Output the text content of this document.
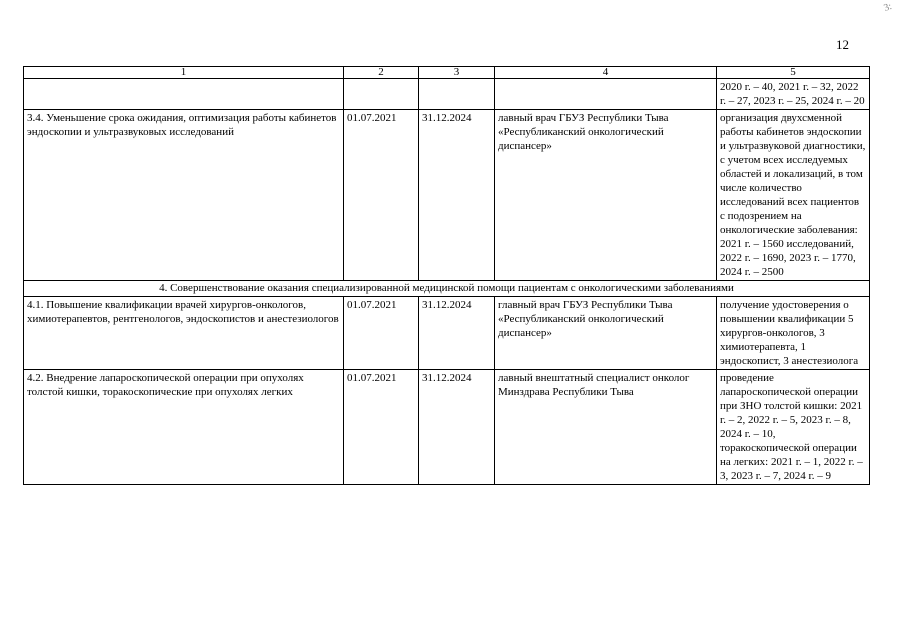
3:
12
1	2	3	4	5
				2020 г. – 40, 2021 г. – 32, 2022 г. – 27, 2023 г. – 25, 2024 г. – 20
3.4. Уменьшение срока ожидания, оптимизация работы кабинетов эндоскопии и ультразвуковых исследований	01.07.2021	31.12.2024	лавный врач ГБУЗ Республики Тыва «Республиканский онкологический диспансер»	организация двухсменной работы кабинетов эндоскопии и ультразвуковой диагностики, с учетом всех исследуемых областей и локализаций, в том числе количество исследований всех пациентов с подозрением на онкологические заболевания: 2021 г. – 1560 исследований, 2022 г. – 1690, 2023 г. – 1770, 2024 г. – 2500
4. Совершенствование оказания специализированной медицинской помощи пациентам с онкологическими заболеваниями				
4.1. Повышение квалификации врачей хирургов-онкологов, химиотерапевтов, рентгенологов, эндоскопистов и анестезиологов	01.07.2021	31.12.2024	главный врач ГБУЗ Республики Тыва «Республиканский онкологический диспансер»	получение удостоверения о повышении квалификации 5 хирургов-онкологов, 3 химиотерапевта, 1 эндоскопист, 3 анестезиолога
4.2. Внедрение лапароскопической операции при опухолях толстой кишки, торакоскопические при опухолях легких	01.07.2021	31.12.2024	лавный внештатный специалист онколог Минздрава Республики Тыва	проведение лапароскопической операции при ЗНО толстой кишки: 2021 г. – 2, 2022 г. – 5, 2023 г. – 8, 2024 г. – 10, торакоскопической операции на легких: 2021 г. – 1, 2022 г. – 3, 2023 г. – 7, 2024 г. – 9
